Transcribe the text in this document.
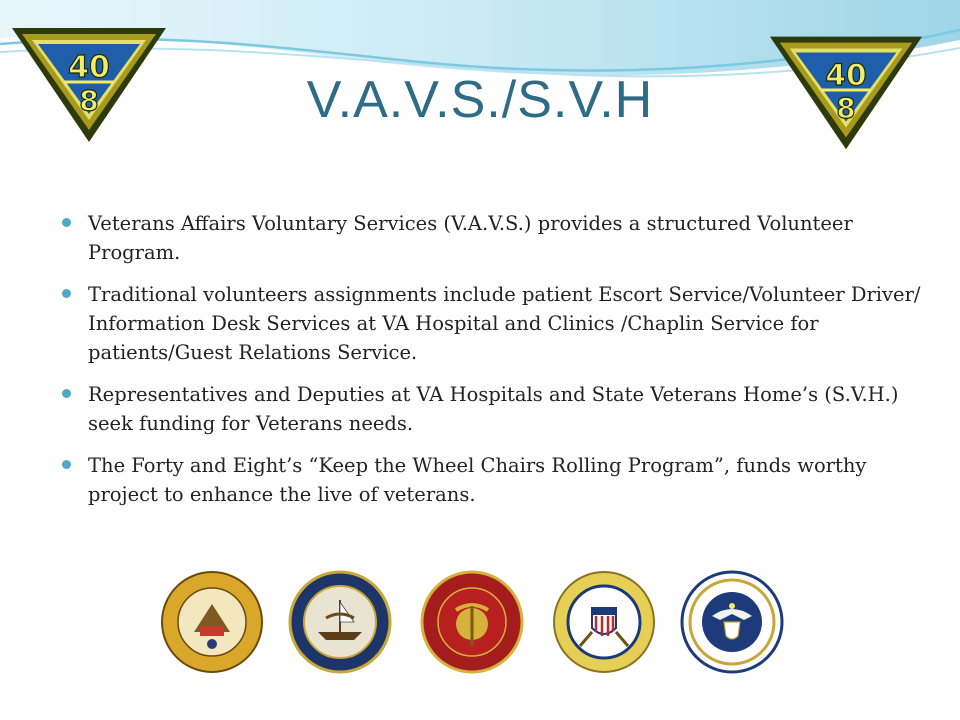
40
8
40
8
V.A.V.S./S.V.H
Veterans Affairs Voluntary Services (V.A.V.S.) provides a structured Volunteer Program.
Traditional volunteers assignments include patient Escort Service/Volunteer Driver/ Information Desk Services at VA Hospital and Clinics /Chaplin Service for patients/Guest Relations Service.
Representatives and Deputies at VA Hospitals and State Veterans Home’s (S.V.H.) seek funding for Veterans needs.
The Forty and Eight’s “Keep the Wheel Chairs Rolling Program”, funds worthy project to enhance the live of veterans.
